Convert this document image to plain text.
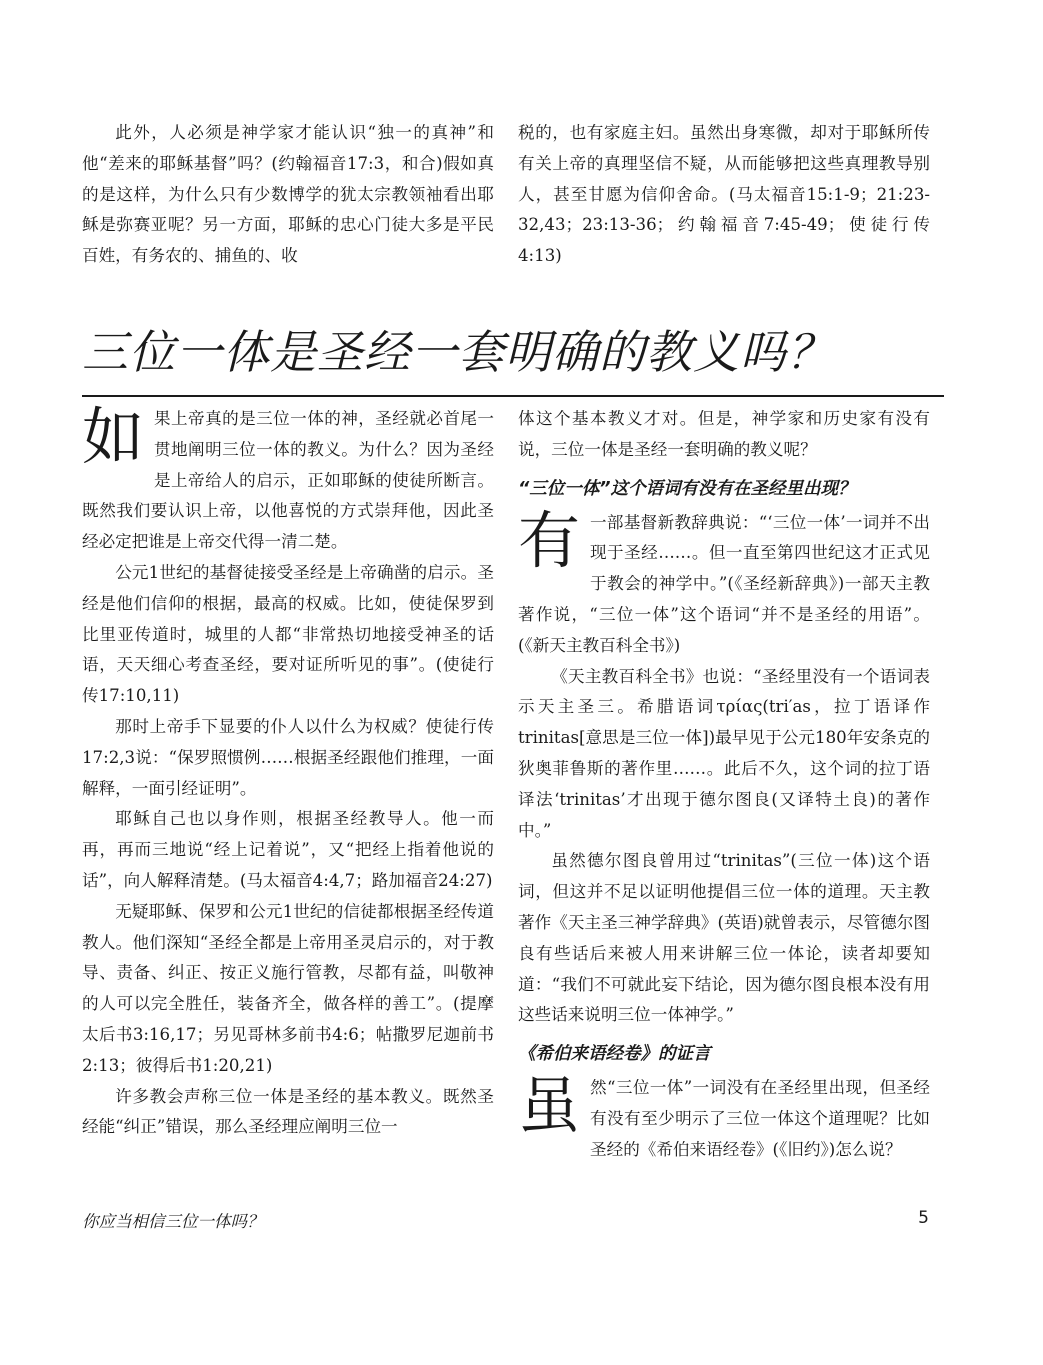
此外，人必须是神学家才能认识“独一的真神”和他“差来的耶稣基督”吗？(约翰福音17:3，和合)假如真的是这样，为什么只有少数博学的犹太宗教领袖看出耶稣是弥赛亚呢？另一方面，耶稣的忠心门徒大多是平民百姓，有务农的、捕鱼的、收

税的，也有家庭主妇。虽然出身寒微，却对于耶稣所传有关上帝的真理坚信不疑，从而能够把这些真理教导别人，甚至甘愿为信仰舍命。(马太福音15:1-9；21:23-32,43；23:13-36；约翰福音7:45-49；使徒行传4:13)

三位一体是圣经一套明确的教义吗？

如果上帝真的是三位一体的神，圣经就必首尾一贯地阐明三位一体的教义。为什么？因为圣经是上帝给人的启示，正如耶稣的使徒所断言。既然我们要认识上帝，以他喜悦的方式崇拜他，因此圣经必定把谁是上帝交代得一清二楚。

公元1世纪的基督徒接受圣经是上帝确凿的启示。圣经是他们信仰的根据，最高的权威。比如，使徒保罗到比里亚传道时，城里的人都“非常热切地接受神圣的话语，天天细心考查圣经，要对证所听见的事”。(使徒行传17:10,11)

那时上帝手下显要的仆人以什么为权威？使徒行传17:2,3说：“保罗照惯例……根据圣经跟他们推理，一面解释，一面引经证明”。

耶稣自己也以身作则，根据圣经教导人。他一而再，再而三地说“经上记着说”，又“把经上指着他说的话”，向人解释清楚。(马太福音4:4,7；路加福音24:27)

无疑耶稣、保罗和公元1世纪的信徒都根据圣经传道教人。他们深知“圣经全都是上帝用圣灵启示的，对于教导、责备、纠正、按正义施行管教，尽都有益，叫敬神的人可以完全胜任，装备齐全，做各样的善工”。(提摩太后书3:16,17；另见哥林多前书4:6；帖撒罗尼迦前书2:13；彼得后书1:20,21)

许多教会声称三位一体是圣经的基本教义。既然圣经能“纠正”错误，那么圣经理应阐明三位一

体这个基本教义才对。但是，神学家和历史家有没有说，三位一体是圣经一套明确的教义呢？

“三位一体”这个语词有没有在圣经里出现？

有一部基督新教辞典说：“‘三位一体’一词并不出现于圣经……。但一直至第四世纪这才正式见于教会的神学中。”(《圣经新辞典》)一部天主教著作说，“三位一体”这个语词“并不是圣经的用语”。(《新天主教百科全书》)

《天主教百科全书》也说：“圣经里没有一个语词表示天主圣三。希腊语词τρίας(tri′as，拉丁语译作trinitas[意思是三位一体])最早见于公元180年安条克的狄奥菲鲁斯的著作里……。此后不久，这个词的拉丁语译法‘trinitas’才出现于德尔图良(又译特土良)的著作中。”

虽然德尔图良曾用过“trinitas”(三位一体)这个语词，但这并不足以证明他提倡三位一体的道理。天主教著作《天主圣三神学辞典》(英语)就曾表示，尽管德尔图良有些话后来被人用来讲解三位一体论，读者却要知道：“我们不可就此妄下结论，因为德尔图良根本没有用这些话来说明三位一体神学。”

《希伯来语经卷》的证言

虽然“三位一体”一词没有在圣经里出现，但圣经有没有至少明示了三位一体这个道理呢？比如圣经的《希伯来语经卷》(《旧约》)怎么说？

你应当相信三位一体吗？	5
